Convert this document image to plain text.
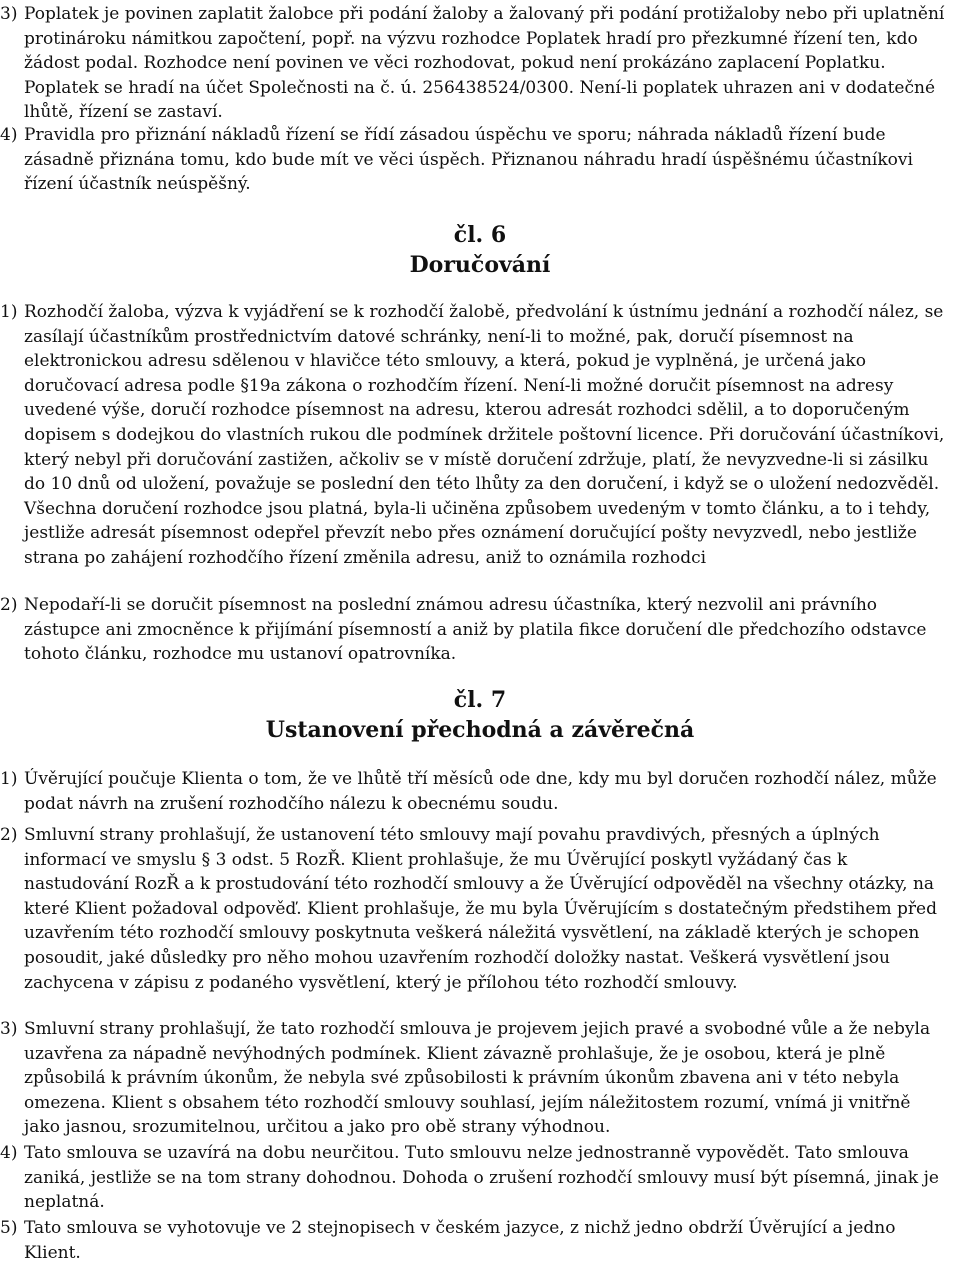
3) Poplatek je povinen zaplatit žalobce při podání žaloby a žalovaný při podání protižaloby nebo při uplatnění protinároku námitkou započtení, popř. na výzvu rozhodce Poplatek hradí pro přezkumné řízení ten, kdo žádost podal. Rozhodce není povinen ve věci rozhodovat, pokud není prokázáno zaplacení Poplatku. Poplatek se hradí na účet Společnosti na č. ú. 256438524/0300. Není-li poplatek uhrazen ani v dodatečné lhůtě, řízení se zastaví.
4) Pravidla pro přiznání nákladů řízení se řídí zásadou úspěchu ve sporu; náhrada nákladů řízení bude zásadně přiznána tomu, kdo bude mít ve věci úspěch. Přiznanou náhradu hradí úspěšnému účastníkovi řízení účastník neúspěšný.
čl. 6
Doručování
1) Rozhodčí žaloba, výzva k vyjádření se k rozhodčí žalobě, předvolání k ústnímu jednání a rozhodčí nález, se zasílají účastníkům prostřednictvím datové schránky, není-li to možné, pak, doručí písemnost na elektronickou adresu sdělenou v hlavičce této smlouvy, a která, pokud je vyplněná, je určená jako doručovací adresa podle §19a zákona o rozhodčím řízení. Není-li možné doručit písemnost na adresy uvedené výše, doručí rozhodce písemnost na adresu, kterou adresát rozhodci sdělil, a to doporučeným dopisem s dodejkou do vlastních rukou dle podmínek držitele poštovní licence. Při doručování účastníkovi, který nebyl při doručování zastižen, ačkoliv se v místě doručení zdržuje, platí, že nevyzvedne-li si zásilku do 10 dnů od uložení, považuje se poslední den této lhůty za den doručení, i když se o uložení nedozvěděl. Všechna doručení rozhodce jsou platná, byla-li učiněna způsobem uvedeným v tomto článku, a to i tehdy, jestliže adresát písemnost odepřel převzít nebo přes oznámení doručující pošty nevyzvedl, nebo jestliže strana po zahájení rozhodčího řízení změnila adresu, aniž to oznámila rozhodci
2) Nepodaří-li se doručit písemnost na poslední známou adresu účastníka, který nezvolil ani právního zástupce ani zmocněnce k přijímání písemností a aniž by platila fikce doručení dle předchozího odstavce tohoto článku, rozhodce mu ustanoví opatrovníka.
čl. 7
Ustanovení přechodná a závěrečná
1) Úvěrující poučuje Klienta o tom, že ve lhůtě tří měsíců ode dne, kdy mu byl doručen rozhodčí nález, může podat návrh na zrušení rozhodčího nálezu k obecnému soudu.
2) Smluvní strany prohlašují, že ustanovení této smlouvy mají povahu pravdivých, přesných a úplných informací ve smyslu § 3 odst. 5 RozŘ. Klient prohlašuje, že mu Úvěrující poskytl vyžádaný čas k nastudování RozŘ a k prostudování této rozhodčí smlouvy a že Úvěrující odpověděl na všechny otázky, na které Klient požadoval odpověď. Klient prohlašuje, že mu byla Úvěrujícím s dostatečným předstihem před uzavřením této rozhodčí smlouvy poskytnuta veškerá náležitá vysvětlení, na základě kterých je schopen posoudit, jaké důsledky pro něho mohou uzavřením rozhodčí doložky nastat. Veškerá vysvětlení jsou zachycena v zápisu z podaného vysvětlení, který je přílohou této rozhodčí smlouvy.
3) Smluvní strany prohlašují, že tato rozhodčí smlouva je projevem jejich pravé a svobodné vůle a že nebyla uzavřena za nápadně nevýhodných podmínek. Klient závazně prohlašuje, že je osobou, která je plně způsobilá k právním úkonům, že nebyla své způsobilosti k právním úkonům zbavena ani v této nebyla omezena. Klient s obsahem této rozhodčí smlouvy souhlasí, jejím náležitostem rozumí, vnímá ji vnitřně jako jasnou, srozumitelnou, určitou a jako pro obě strany výhodnou.
4) Tato smlouva se uzavírá na dobu neurčitou. Tuto smlouvu nelze jednostranně vypovědět. Tato smlouva zaniká, jestliže se na tom strany dohodnou. Dohoda o zrušení rozhodčí smlouvy musí být písemná, jinak je neplatná.
5) Tato smlouva se vyhotovuje ve 2 stejnopisech v českém jazyce, z nichž jedno obdrží Úvěrující a jedno Klient.
